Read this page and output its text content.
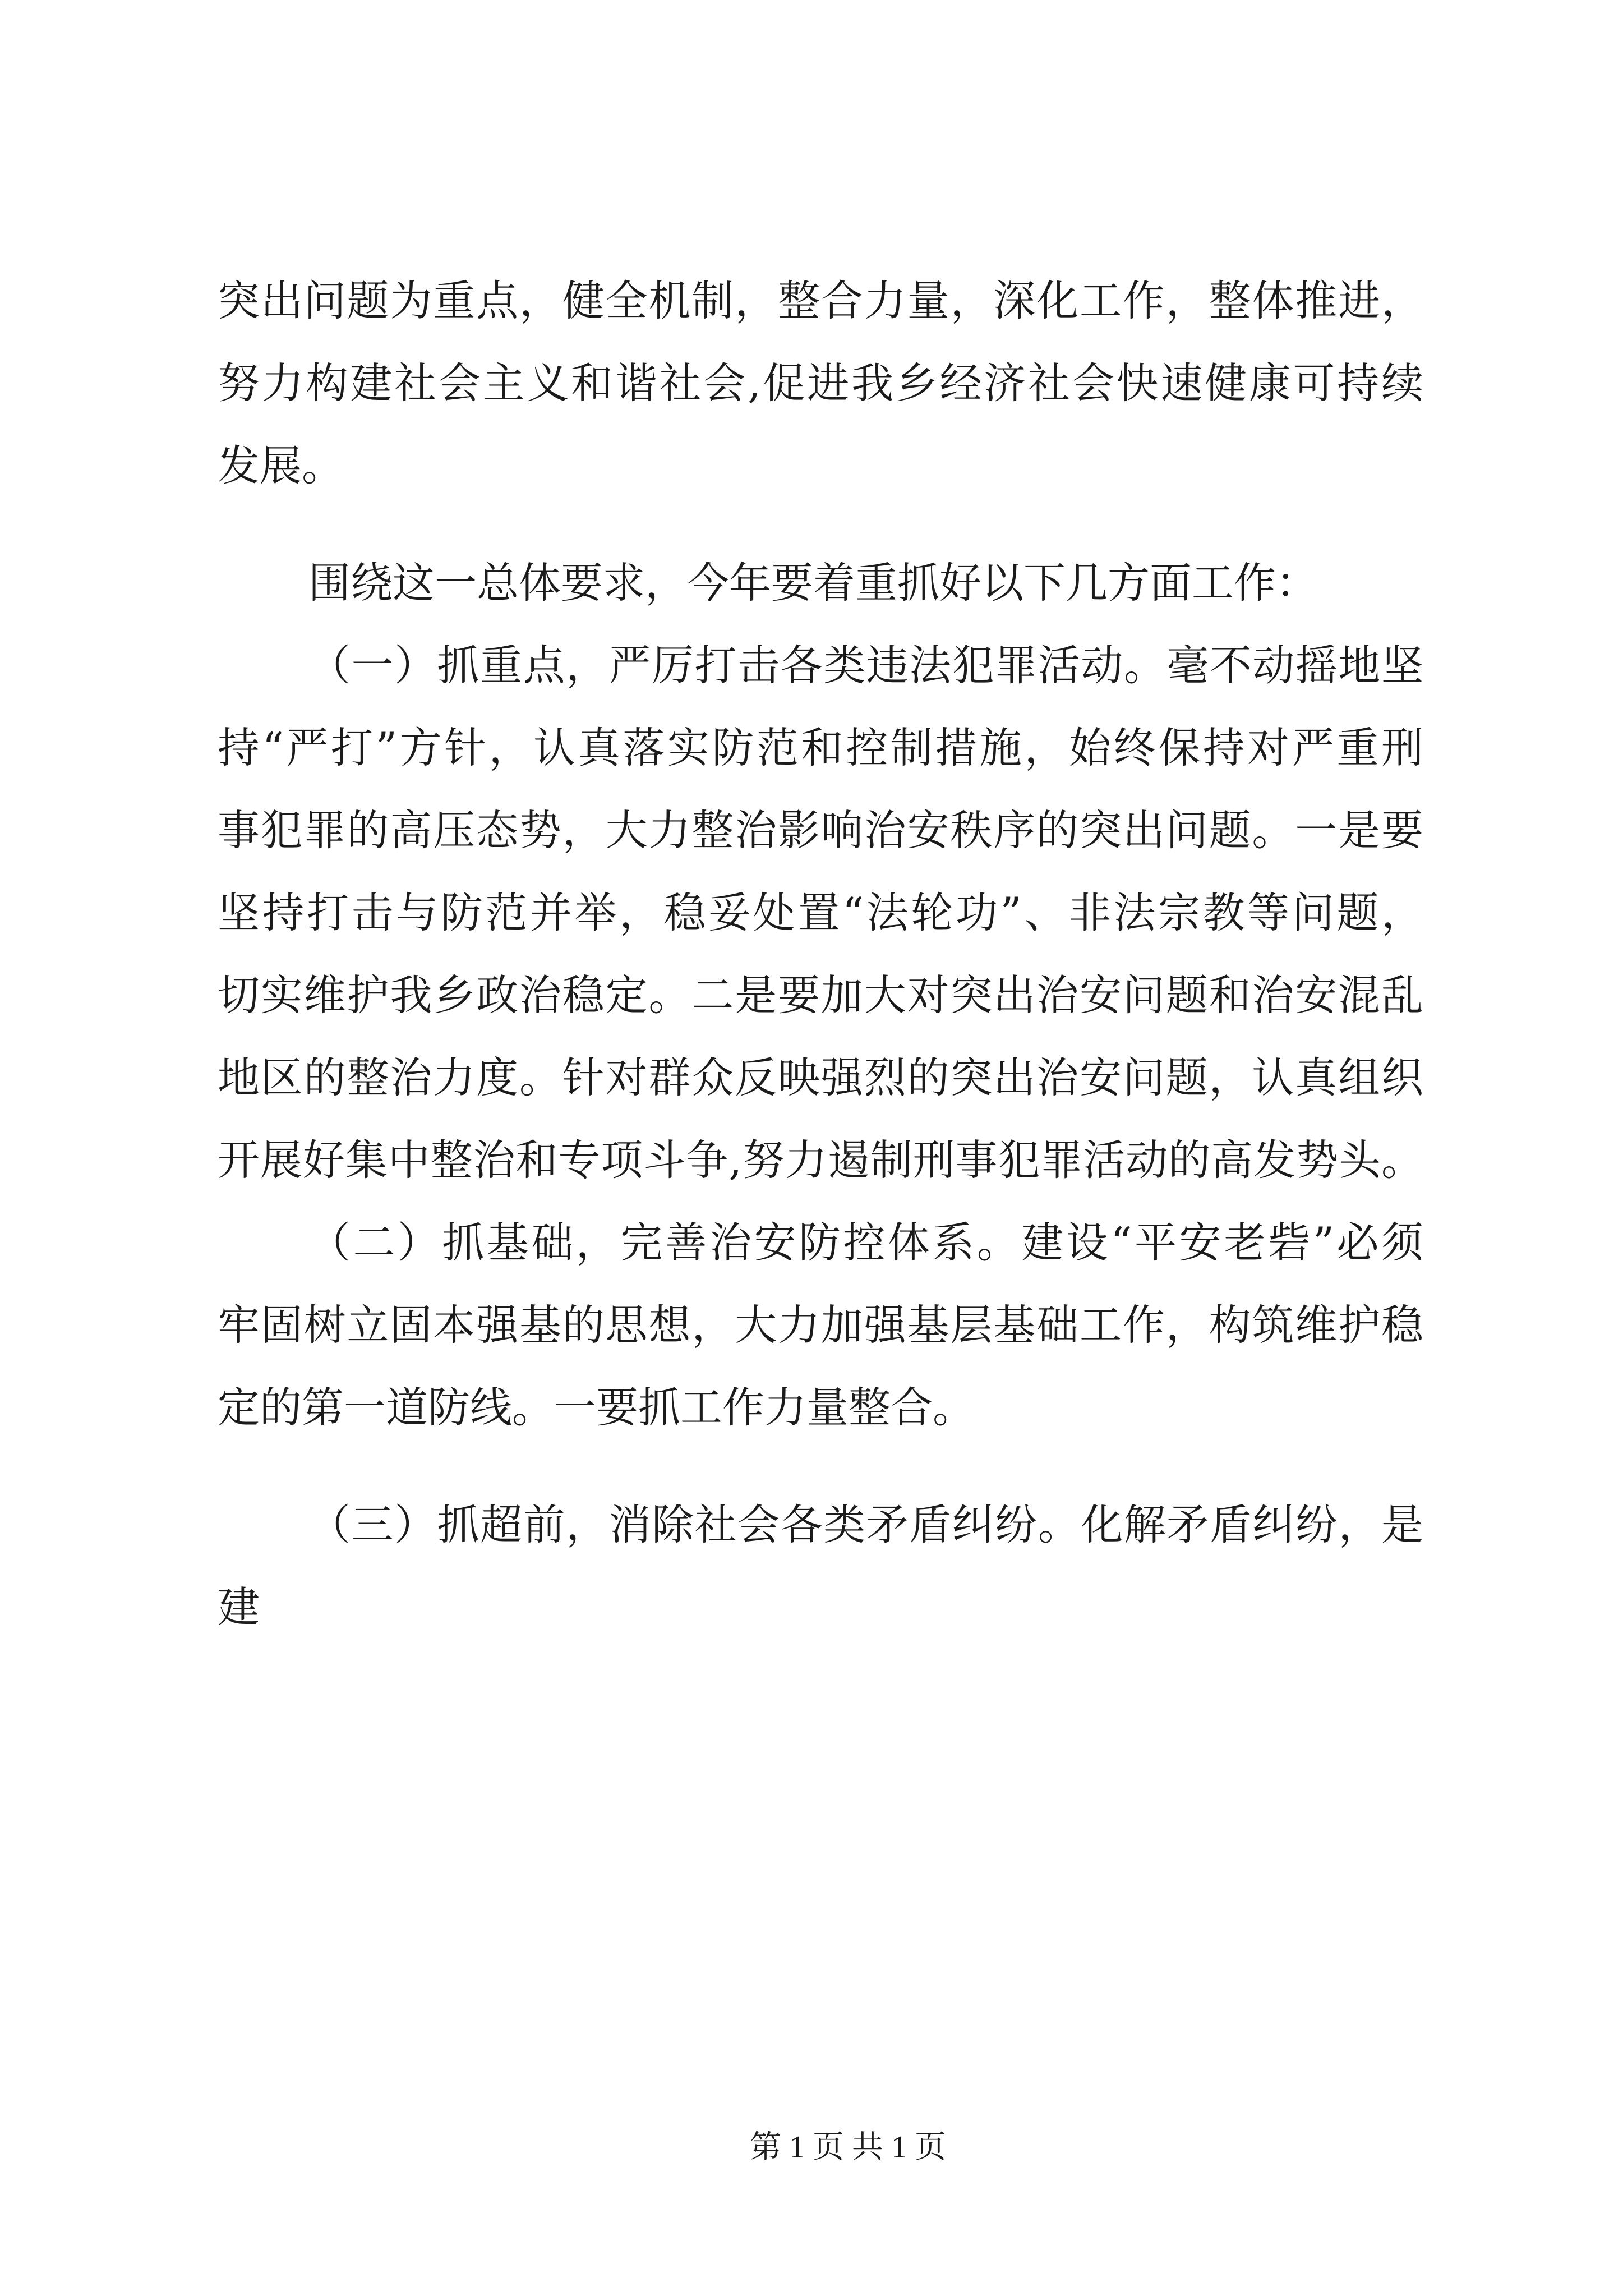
突出问题为重点，健全机制，整合力量，深化工作，整体推进，
努力构建社会主义和谐社会,促进我乡经济社会快速健康可持续
发展。
围绕这一总体要求，今年要着重抓好以下几方面工作：
（一）抓重点，严厉打击各类违法犯罪活动。毫不动摇地坚
持“严打”方针，认真落实防范和控制措施，始终保持对严重刑
事犯罪的高压态势，大力整治影响治安秩序的突出问题。一是要
坚持打击与防范并举，稳妥处置“法轮功”、非法宗教等问题，
切实维护我乡政治稳定。二是要加大对突出治安问题和治安混乱
地区的整治力度。针对群众反映强烈的突出治安问题，认真组织
开展好集中整治和专项斗争,努力遏制刑事犯罪活动的高发势头。
（二）抓基础，完善治安防控体系。建设“平安老砦”必须
牢固树立固本强基的思想，大力加强基层基础工作，构筑维护稳
定的第一道防线。一要抓工作力量整合。
（三）抓超前，消除社会各类矛盾纠纷。化解矛盾纠纷，是
建
第 1 页 共 1 页
